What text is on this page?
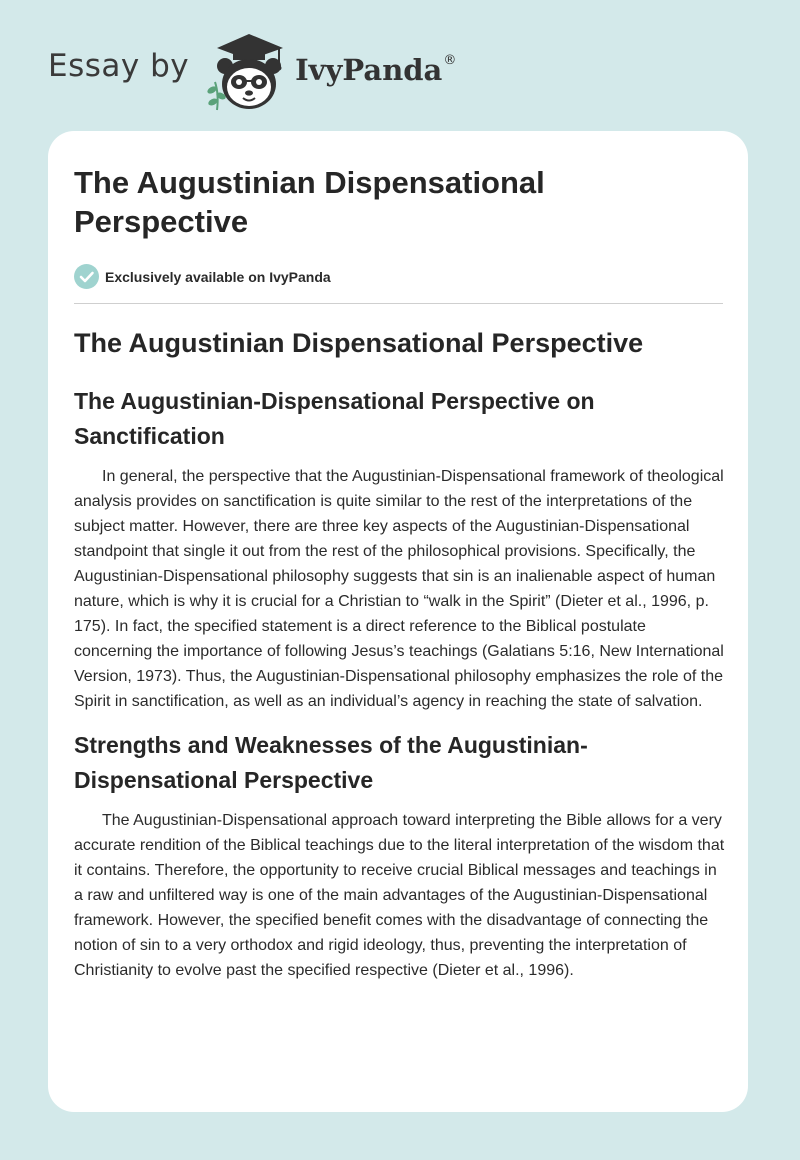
Essay by	IvyPanda ®
The Augustinian Dispensational Perspective
Exclusively available on IvyPanda
The Augustinian Dispensational Perspective
The Augustinian-Dispensational Perspective on Sanctification

In general, the perspective that the Augustinian-Dispensational framework of theological analysis provides on sanctification is quite similar to the rest of the interpretations of the subject matter. However, there are three key aspects of the Augustinian-Dispensational standpoint that single it out from the rest of the philosophical provisions. Specifically, the Augustinian-Dispensational philosophy suggests that sin is an inalienable aspect of human nature, which is why it is crucial for a Christian to “walk in the Spirit” (Dieter et al., 1996, p. 175). In fact, the specified statement is a direct reference to the Biblical postulate concerning the importance of following Jesus’s teachings (Galatians 5:16, New International Version, 1973). Thus, the Augustinian-Dispensational philosophy emphasizes the role of the Spirit in sanctification, as well as an individual’s agency in reaching the state of salvation.

Strengths and Weaknesses of the Augustinian-Dispensational Perspective

The Augustinian-Dispensational approach toward interpreting the Bible allows for a very accurate rendition of the Biblical teachings due to the literal interpretation of the wisdom that it contains. Therefore, the opportunity to receive crucial Biblical messages and teachings in a raw and unfiltered way is one of the main advantages of the Augustinian-Dispensational framework. However, the specified benefit comes with the disadvantage of connecting the notion of sin to a very orthodox and rigid ideology, thus, preventing the interpretation of Christianity to evolve past the specified respective (Dieter et al., 1996).
